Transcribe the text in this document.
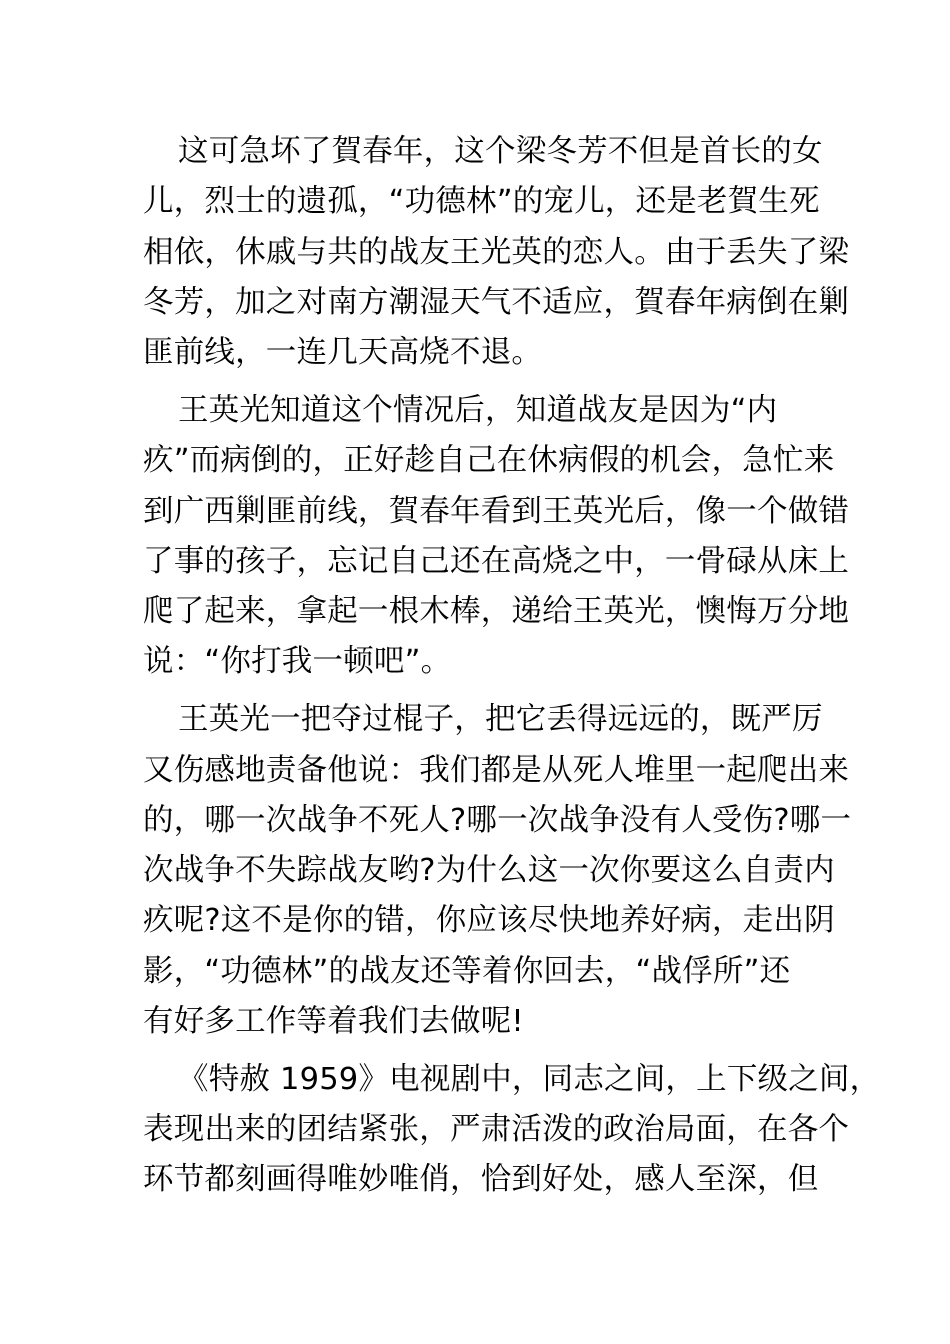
这可急坏了賀春年，这个梁冬芳不但是首长的女
儿，烈士的遗孤，“功德林”的宠儿，还是老賀生死
相依，休戚与共的战友王光英的恋人。由于丢失了梁
冬芳，加之对南方潮湿天气不适应，賀春年病倒在剿
匪前线，一连几天高烧不退。

王英光知道这个情况后，知道战友是因为“内
疚”而病倒的，正好趁自己在休病假的机会，急忙来
到广西剿匪前线，賀春年看到王英光后，像一个做错
了事的孩子，忘记自己还在高烧之中，一骨碌从床上
爬了起来，拿起一根木棒，递给王英光，懊悔万分地
说：“你打我一顿吧”。

王英光一把夺过棍子，把它丢得远远的，既严厉
又伤感地责备他说：我们都是从死人堆里一起爬出来
的，哪一次战争不死人?哪一次战争没有人受伤?哪一
次战争不失踪战友哟?为什么这一次你要这么自责内
疚呢?这不是你的错，你应该尽快地养好病，走出阴
影，“功德林”的战友还等着你回去，“战俘所”还
有好多工作等着我们去做呢!

《特赦 1959》电视剧中，同志之间，上下级之间，
表现出来的团结紧张，严肃活泼的政治局面，在各个
环节都刻画得唯妙唯俏，恰到好处，感人至深，但
